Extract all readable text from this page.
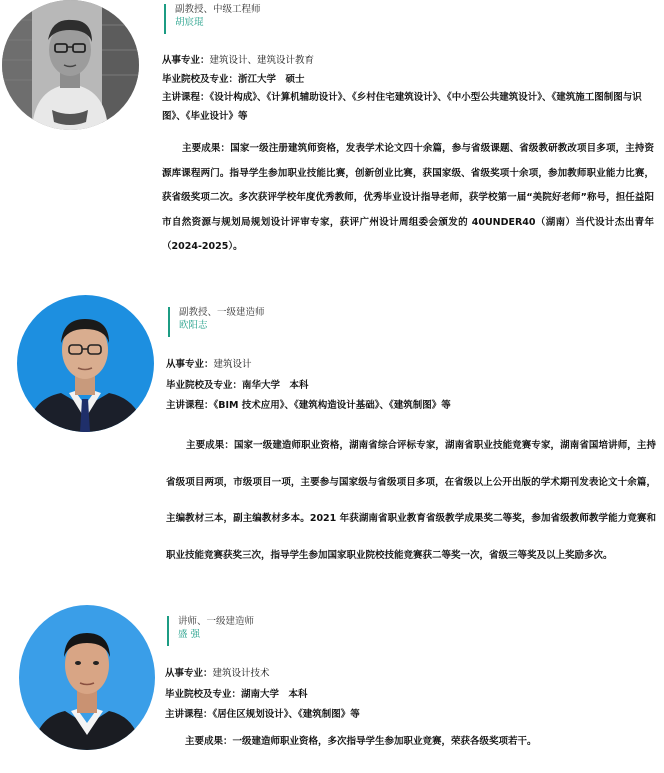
副教授、中级工程师
胡宸琨
从事专业：建筑设计、建筑设计教育
毕业院校及专业：浙江大学　硕士
主讲课程：《设计构成》、《计算机辅助设计》、《乡村住宅建筑设计》、《中小型公共建筑设计》、《建筑施工图制图与识图》、《毕业设计》等

主要成果：国家一级注册建筑师资格，发表学术论文四十余篇，参与省级课题、省级教研教改项目多项，主持资源库课程两门。指导学生参加职业技能比赛，创新创业比赛，获国家级、省级奖项十余项，参加教师职业能力比赛，获省级奖项二次。多次获评学校年度优秀教师，优秀毕业设计指导老师，获学校第一届“美院好老师”称号，担任益阳市自然资源与规划局规划设计评审专家，获评广州设计周组委会颁发的 40UNDER40（湖南）当代设计杰出青年（2024-2025）。

副教授、一级建造师
欧阳志
从事专业：建筑设计
毕业院校及专业：南华大学　本科
主讲课程：《BIM 技术应用》、《建筑构造设计基础》、《建筑制图》等

主要成果：国家一级建造师职业资格，湖南省综合评标专家，湖南省职业技能竞赛专家，湖南省国培讲师，主持省级项目两项，市级项目一项，主要参与国家级与省级项目多项，在省级以上公开出版的学术期刊发表论文十余篇，主编教材三本，副主编教材多本。2021 年获湖南省职业教育省级教学成果奖二等奖，参加省级教师教学能力竞赛和职业技能竞赛获奖三次，指导学生参加国家职业院校技能竞赛获二等奖一次，省级三等奖及以上奖励多次。

讲师、一级建造师
盛 强
从事专业：建筑设计技术
毕业院校及专业：湖南大学　本科
主讲课程：《居住区规划设计》、《建筑制图》等

主要成果：一级建造师职业资格，多次指导学生参加职业竞赛，荣获各级奖项若干。
